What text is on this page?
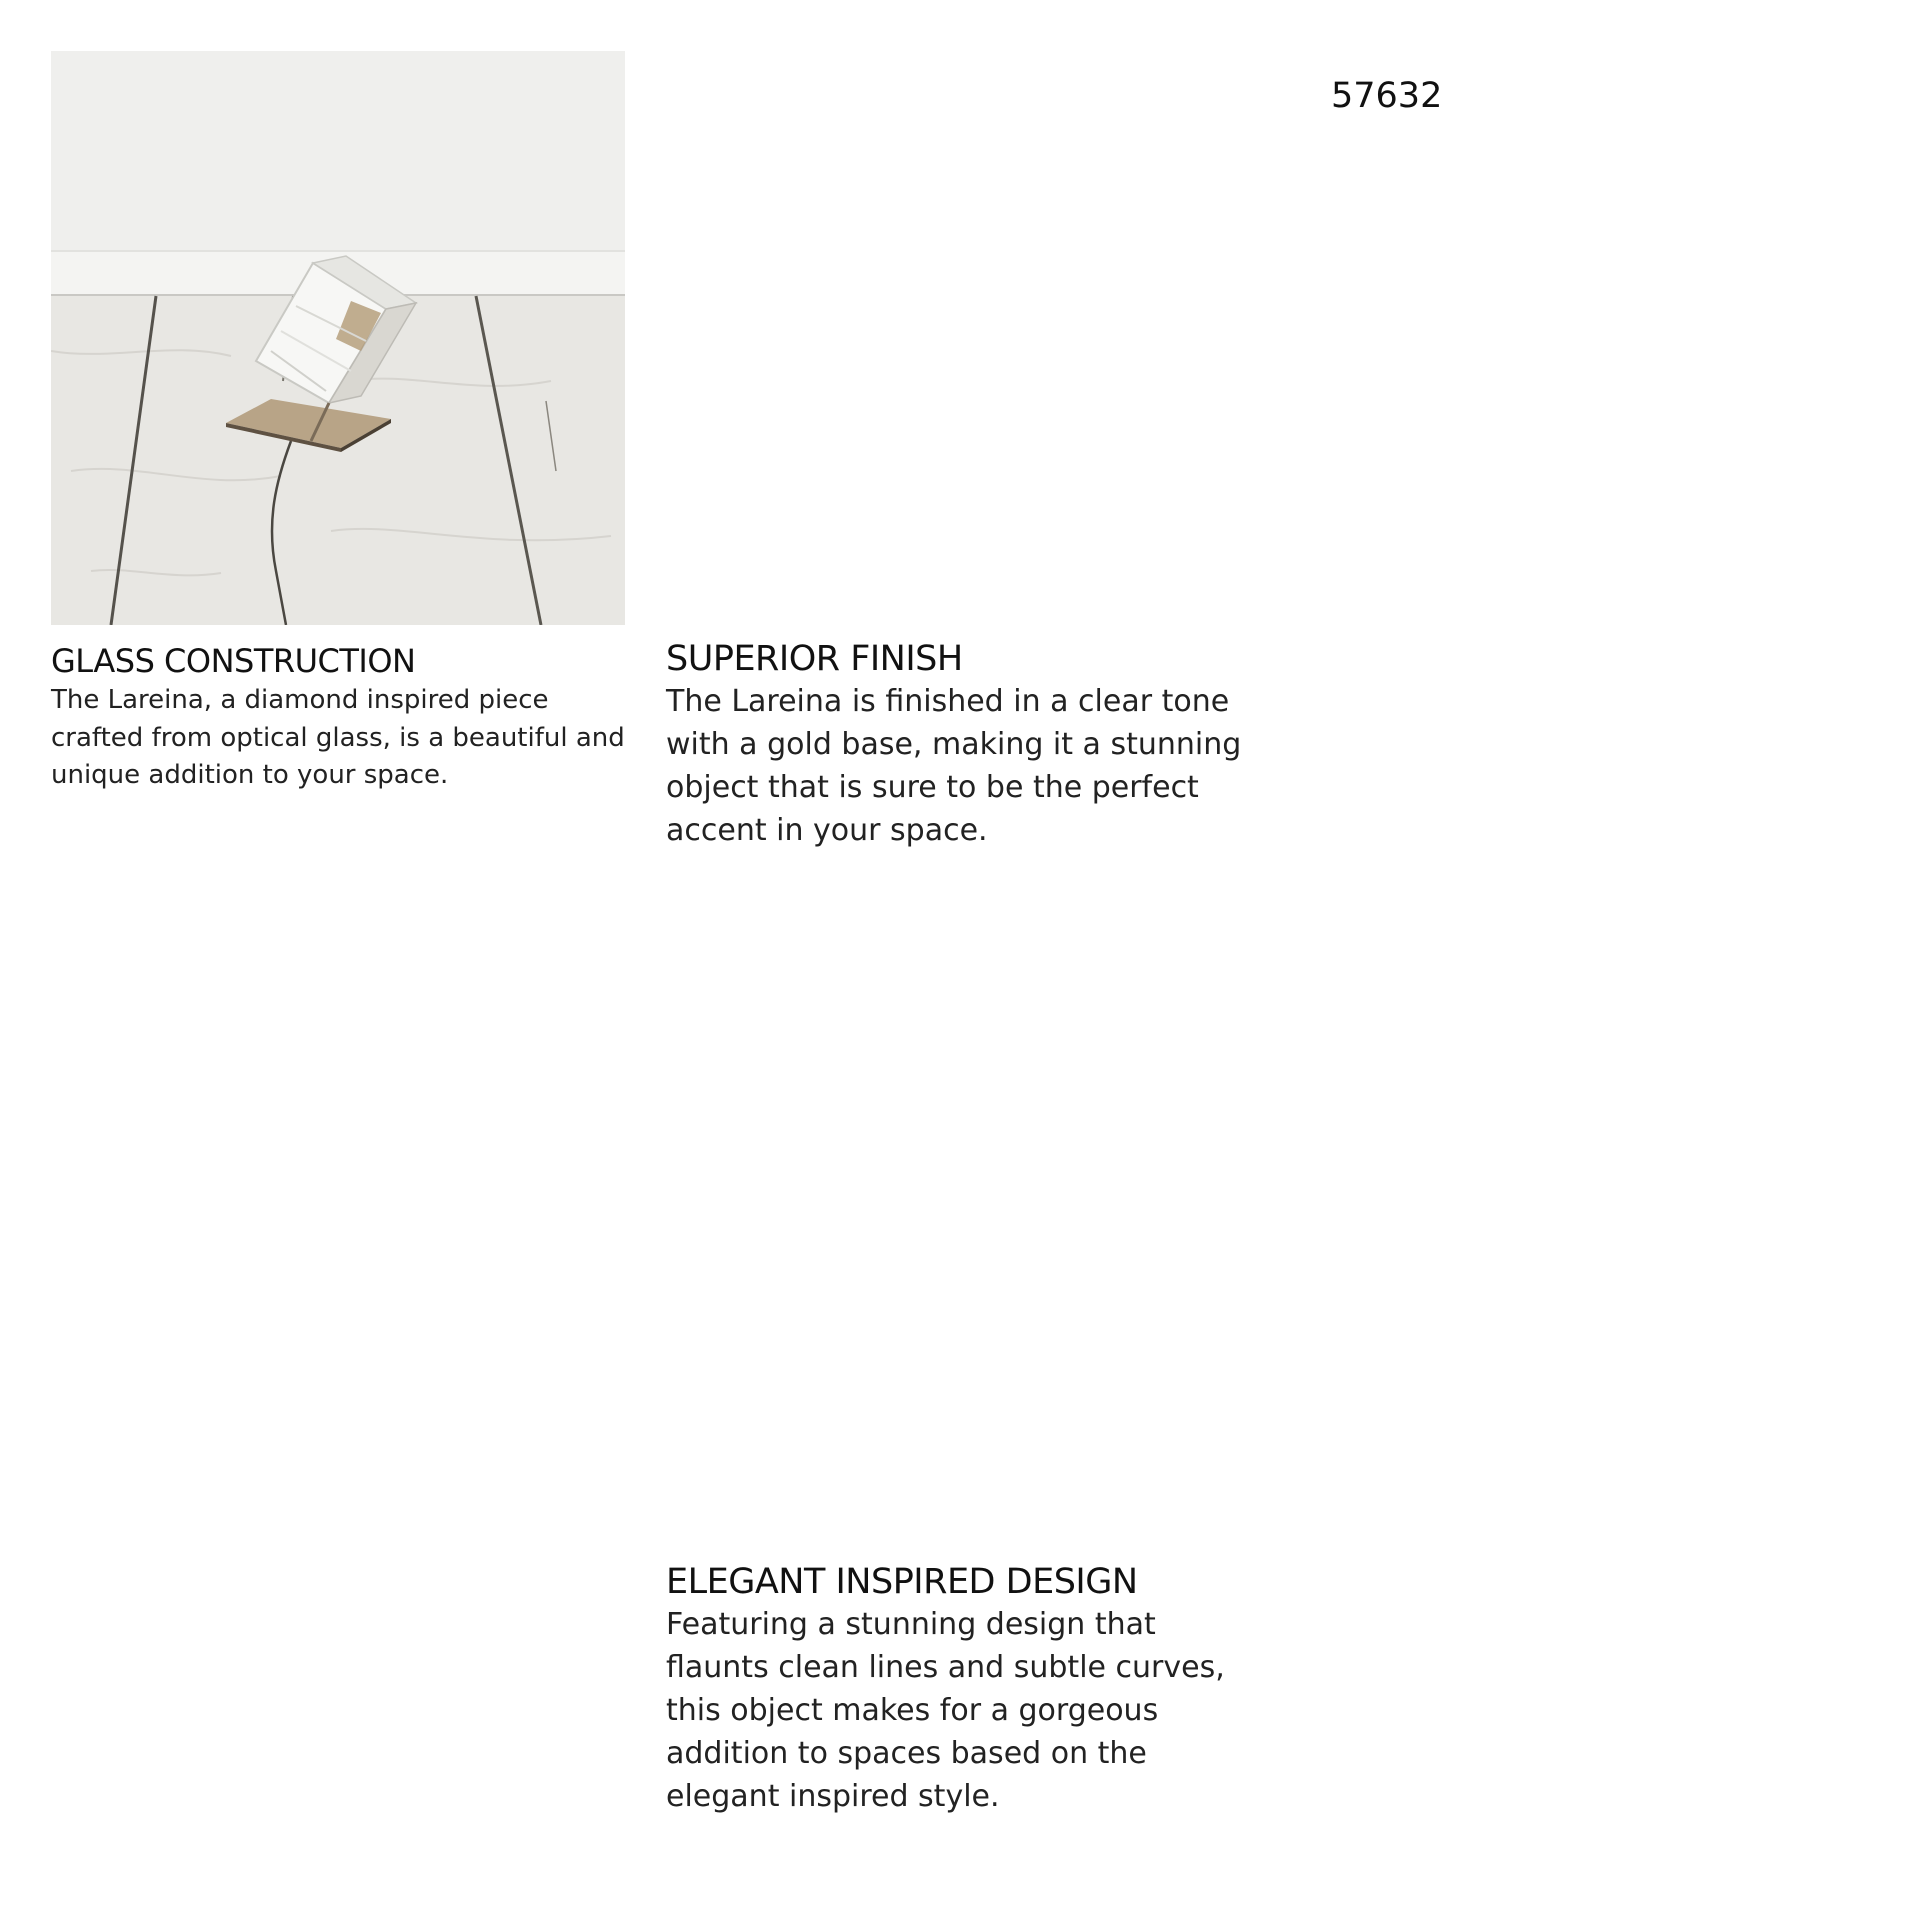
57632
GLASS CONSTRUCTION

The Lareina, a diamond inspired piece crafted from optical glass, is a beautiful and unique addition to your space.

SUPERIOR FINISH

The Lareina is finished in a clear tone with a gold base, making it a stunning object that is sure to be the perfect accent in your space.

ELEGANT INSPIRED DESIGN

Featuring a stunning design that flaunts clean lines and subtle curves, this object makes for a gorgeous addition to spaces based on the elegant inspired style.
